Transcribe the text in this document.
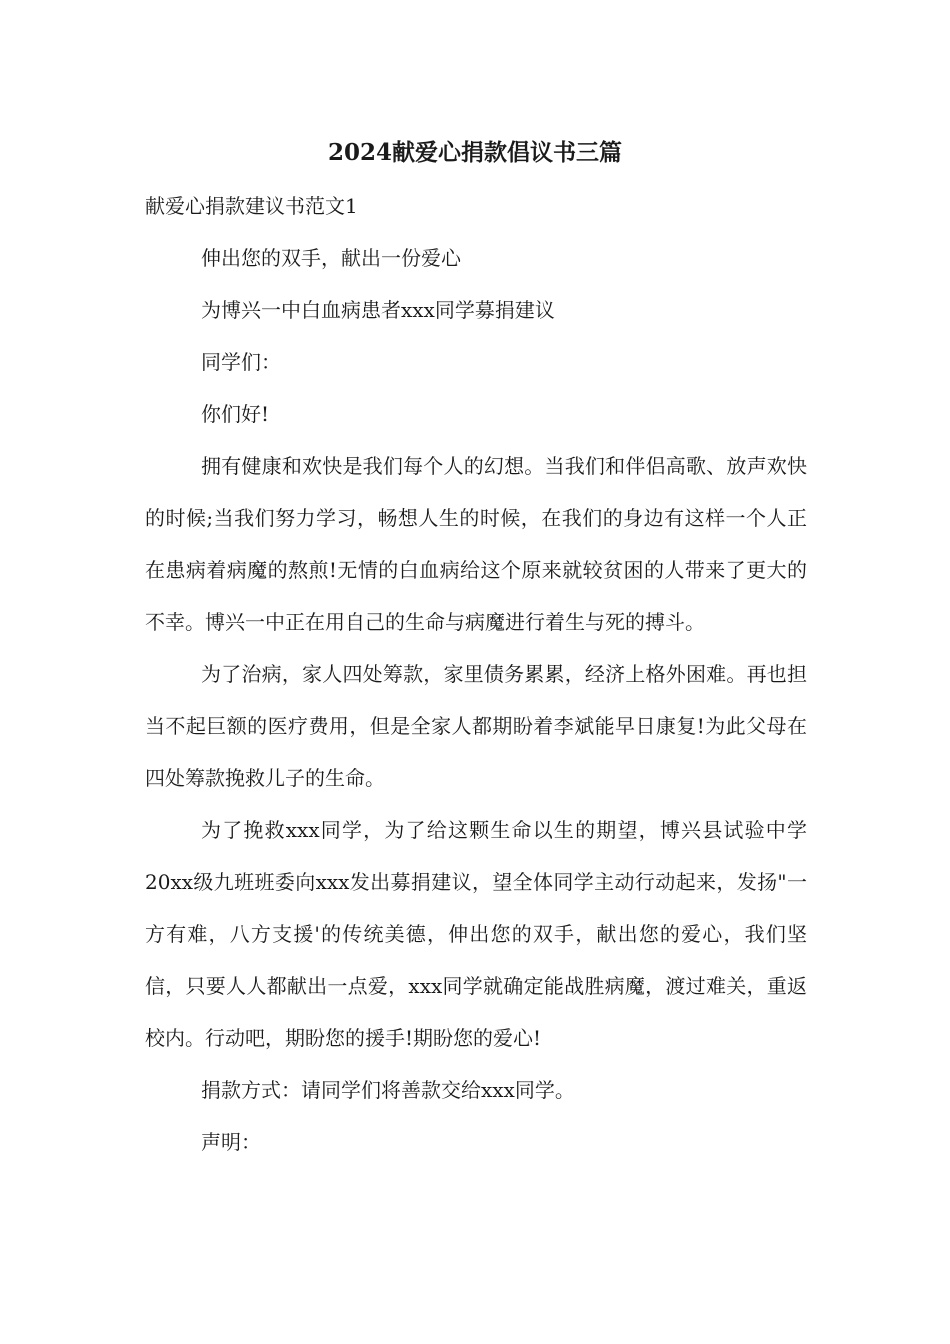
2024献爱心捐款倡议书三篇

献爱心捐款建议书范文1

伸出您的双手，献出一份爱心

为博兴一中白血病患者xxx同学募捐建议

同学们：

你们好!

拥有健康和欢快是我们每个人的幻想。当我们和伴侣高歌、放声欢快 的时候;当我们努力学习，畅想人生的时候，在我们的身边有这样一个人正在患病着病魔的熬煎!无情的白血病给这个原来就较贫困的人带来了更大的不幸。博兴一中正在用自己的生命与病魔进行着生与死的搏斗。

为了治病，家人四处筹款，家里债务累累，经济上格外困难。再也担当不起巨额的医疗费用，但是全家人都期盼着李斌能早日康复!为此父母在四处筹款挽救儿子的生命。

为了挽救xxx同学，为了给这颗生命以生的期望，博兴县试验中学20xx级九班班委向xxx发出募捐建议，望全体同学主动行动起来，发扬"一方有难，八方支援'的传统美德，伸出您的双手，献出您的爱心，我们坚信，只要人人都献出一点爱，xxx同学就确定能战胜病魔，渡过难关，重返校内。行动吧，期盼您的援手!期盼您的爱心!

捐款方式：请同学们将善款交给xxx同学。

声明：
